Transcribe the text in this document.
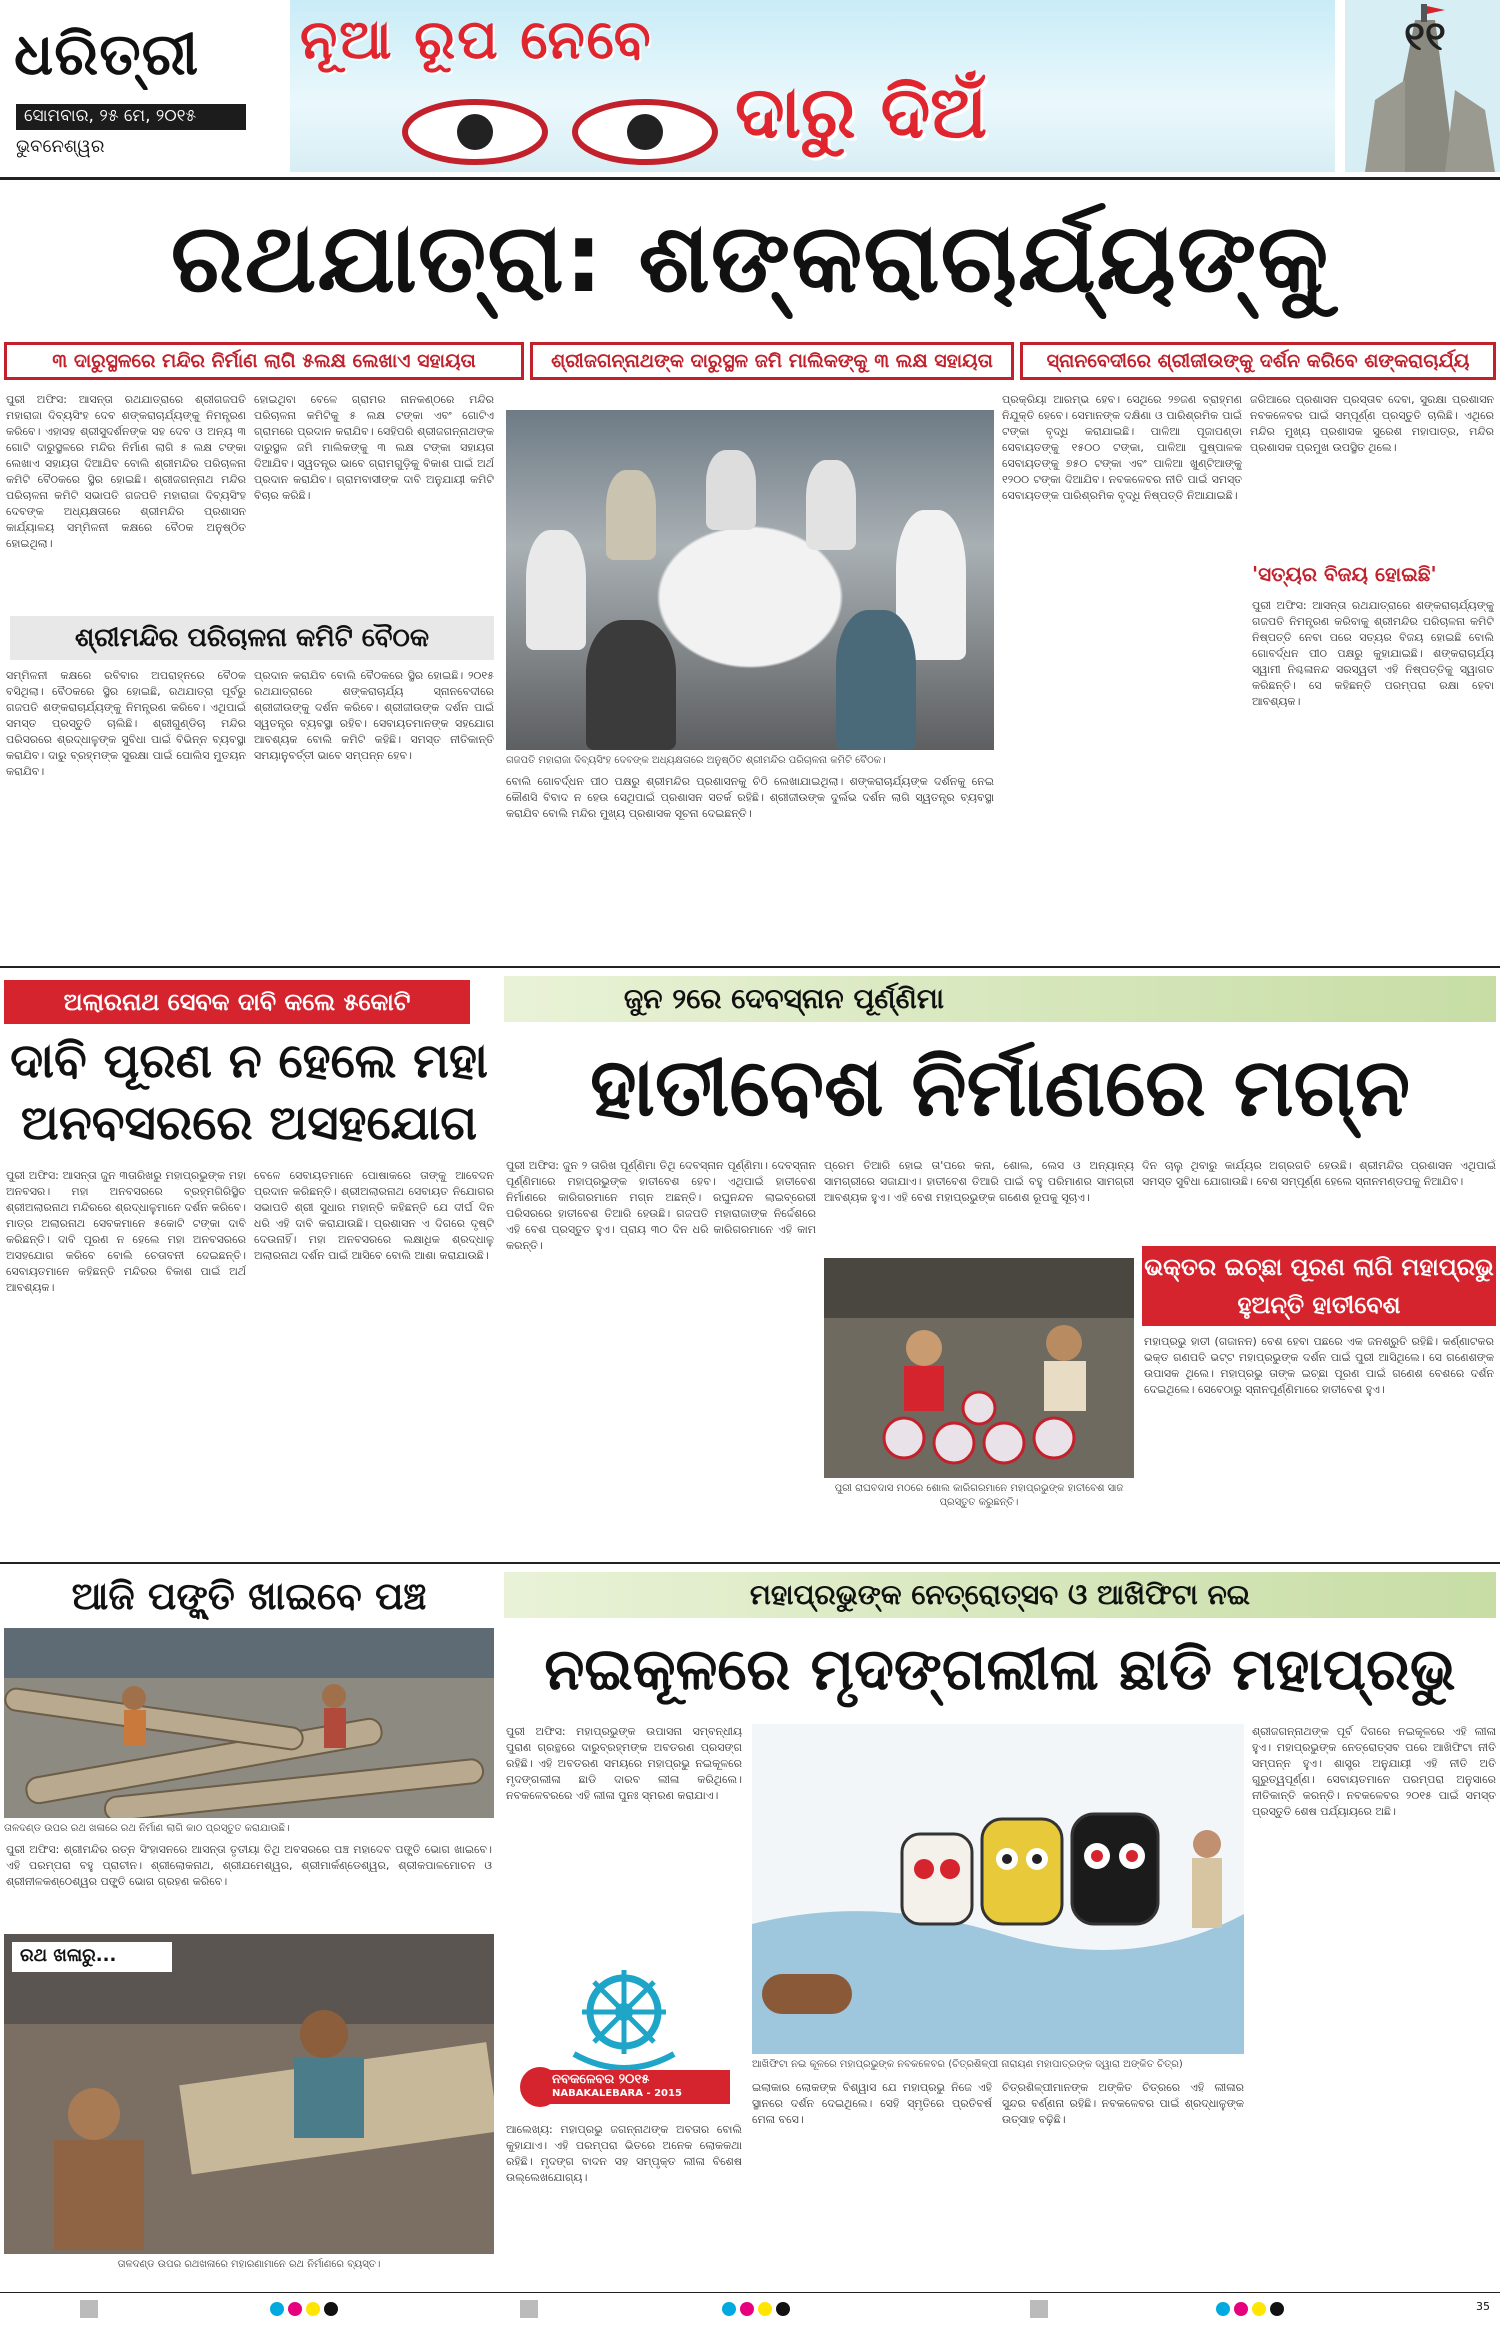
ଧରିତ୍ରୀ
ସୋମବାର, ୨୫ ମେ, ୨୦୧୫
ଭୁବନେଶ୍ୱର
ନୂଆ ରୂପ ନେବେ
ଦାରୁ ଦିଅଁ
୧୧
ରଥଯାତ୍ରା: ଶଙ୍କରାଚାର୍ଯ୍ୟଙ୍କୁ
୩ ଦାରୁସ୍ଥଳରେ ମନ୍ଦିର ନିର୍ମାଣ ଲାଗି ୫ଲକ୍ଷ ଲେଖାଏ ସହାୟତା	ଶ୍ରୀଜଗନ୍ନାଥଙ୍କ ଦାରୁସ୍ଥଳ ଜମି ମାଲିକଙ୍କୁ ୩ ଲକ୍ଷ ସହାୟତା	ସ୍ନାନବେଦୀରେ ଶ୍ରୀଜୀଉଙ୍କୁ ଦର୍ଶନ କରିବେ ଶଙ୍କରାଚାର୍ଯ୍ୟ
ପୁରୀ ଅଫିସ: ଆସନ୍ତା ରଥଯାତ୍ରାରେ ଶ୍ରୀଗଜପତି ମହାରାଜା ଦିବ୍ୟସିଂହ ଦେବ ଶଙ୍କରାଚାର୍ଯ୍ୟଙ୍କୁ ନିମନ୍ତ୍ରଣ କରିବେ। ଏହାସହ ଶ୍ରୀସୁଦର୍ଶନଙ୍କ ସହ ଦେବ ଓ ଅନ୍ୟ ୩ ଗୋଟି ଦାରୁସ୍ଥଳରେ ମନ୍ଦିର ନିର୍ମାଣ ଲାଗି ୫ ଲକ୍ଷ ଟଙ୍କା ଲେଖାଏ ସହାୟତା ଦିଆଯିବ ବୋଲି ଶ୍ରୀମନ୍ଦିର ପରିଚାଳନା କମିଟି ବୈଠକରେ ସ୍ଥିର ହୋଇଛି। ଶ୍ରୀଜଗନ୍ନାଥ ମନ୍ଦିର ପରିଚାଳନା କମିଟି ସଭାପତି ଗଜପତି ମହାରାଜା ଦିବ୍ୟସିଂହ ଦେବଙ୍କ ଅଧ୍ୟକ୍ଷତାରେ ଶ୍ରୀମନ୍ଦିର ପ୍ରଶାସନ କାର୍ଯ୍ୟାଳୟ ସମ୍ମିଳନୀ କକ୍ଷରେ ବୈଠକ ଅନୁଷ୍ଠିତ ହୋଇଥିଲା।
ହୋଇଥିବା ବେଳେ ଗ୍ରାମର ନାନକଣ୍ଠରେ ମନ୍ଦିର ପରିଚାଳନା କମିଟିକୁ ୫ ଲକ୍ଷ ଟଙ୍କା ଏବଂ ଗୋଟିଏ ଗ୍ରାମରେ ପ୍ରଦାନ କରାଯିବ। ସେହିପରି ଶ୍ରୀଜଗନ୍ନାଥଙ୍କ ଦାରୁସ୍ଥଳ ଜମି ମାଲିକଙ୍କୁ ୩ ଲକ୍ଷ ଟଙ୍କା ସହାୟତା ଦିଆଯିବ। ସ୍ୱତନ୍ତ୍ର ଭାବେ ଗ୍ରାମଗୁଡ଼ିକୁ ବିକାଶ ପାଇଁ ଅର୍ଥ ପ୍ରଦାନ କରାଯିବ। ଗ୍ରାମବାସୀଙ୍କ ଦାବି ଅନୁଯାୟୀ କମିଟି ବିଚାର କରିଛି।
ଶ୍ରୀମନ୍ଦିର ପରିଚାଳନା କମିଟି ବୈଠକ
ସମ୍ମିଳନୀ କକ୍ଷରେ ରବିବାର ଅପରାହ୍ନରେ ବୈଠକ ବସିଥିଲା। ବୈଠକରେ ସ୍ଥିର ହୋଇଛି, ରଥଯାତ୍ରା ପୂର୍ବରୁ ଗଜପତି ଶଙ୍କରାଚାର୍ଯ୍ୟଙ୍କୁ ନିମନ୍ତ୍ରଣ କରିବେ। ଏଥିପାଇଁ ସମସ୍ତ ପ୍ରସ୍ତୁତି ଚାଲିଛି। ଶ୍ରୀଗୁଣ୍ଡିଚା ମନ୍ଦିର ପରିସରରେ ଶ୍ରଦ୍ଧାଳୁଙ୍କ ସୁବିଧା ପାଇଁ ବିଭିନ୍ନ ବ୍ୟବସ୍ଥା କରାଯିବ। ଦାରୁ ବ୍ରହ୍ମଙ୍କ ସୁରକ୍ଷା ପାଇଁ ପୋଲିସ ମୁତୟନ କରାଯିବ।
ପ୍ରଦାନ କରାଯିବ ବୋଲି ବୈଠକରେ ସ୍ଥିର ହୋଇଛି। ୨୦୧୫ ରଥଯାତ୍ରାରେ ଶଙ୍କରାଚାର୍ଯ୍ୟ ସ୍ନାନବେଦୀରେ ଶ୍ରୀଜୀଉଙ୍କୁ ଦର୍ଶନ କରିବେ। ଶ୍ରୀଜୀଉଙ୍କ ଦର୍ଶନ ପାଇଁ ସ୍ୱତନ୍ତ୍ର ବ୍ୟବସ୍ଥା ରହିବ। ସେବାୟତମାନଙ୍କ ସହଯୋଗ ଆବଶ୍ୟକ ବୋଲି କମିଟି କହିଛି। ସମସ୍ତ ନୀତିକାନ୍ତି ସମୟାନୁବର୍ତ୍ତୀ ଭାବେ ସମ୍ପନ୍ନ ହେବ।	ଗଜପତି ମହାରାଜା ଦିବ୍ୟସିଂହ ଦେବଙ୍କ ଅଧ୍ୟକ୍ଷତାରେ ଅନୁଷ୍ଠିତ ଶ୍ରୀମନ୍ଦିର ପରିଚାଳନା କମିଟି ବୈଠକ।
ବୋଲି ଗୋବର୍ଦ୍ଧନ ପୀଠ ପକ୍ଷରୁ ଶ୍ରୀମନ୍ଦିର ପ୍ରଶାସନକୁ ଚିଠି ଲେଖାଯାଇଥିଲା। ଶଙ୍କରାଚାର୍ଯ୍ୟଙ୍କ ଦର୍ଶନକୁ ନେଇ କୌଣସି ବିବାଦ ନ ହେଉ ସେଥିପାଇଁ ପ୍ରଶାସନ ସତର୍କ ରହିଛି। ଶ୍ରୀଜୀଉଙ୍କ ଦୁର୍ଲଭ ଦର୍ଶନ ଲାଗି ସ୍ୱତନ୍ତ୍ର ବ୍ୟବସ୍ଥା କରାଯିବ ବୋଲି ମନ୍ଦିର ମୁଖ୍ୟ ପ୍ରଶାସକ ସୂଚନା ଦେଇଛନ୍ତି।
ପ୍ରକ୍ରିୟା ଆରମ୍ଭ ହେବ। ସେଥିରେ ୨୭ଜଣ ବ୍ରାହ୍ମଣ ନିଯୁକ୍ତି ହେବେ। ସେମାନଙ୍କ ଦକ୍ଷିଣା ଓ ପାରିଶ୍ରମିକ ପାଇଁ ଟଙ୍କା ବୃଦ୍ଧି କରାଯାଇଛି। ପାଳିଆ ପୂଜାପଣ୍ଡା ସେବାୟତଙ୍କୁ ୧୫୦୦ ଟଙ୍କା, ପାଳିଆ ପୁଷ୍ପାଳକ ସେବାୟତଙ୍କୁ ୭୫୦ ଟଙ୍କା ଏବଂ ପାଳିଆ ଖୁଣ୍ଟିଆଙ୍କୁ ୧୨୦୦ ଟଙ୍କା ଦିଆଯିବ। ନବକଳେବର ନୀତି ପାଇଁ ସମସ୍ତ ସେବାୟତଙ୍କ ପାରିଶ୍ରମିକ ବୃଦ୍ଧି ନିଷ୍ପତ୍ତି ନିଆଯାଇଛି।
ଜରିଆରେ ପ୍ରଶାସନ ପ୍ରସ୍ତାବ ଦେବା, ସୁରକ୍ଷା ପ୍ରଶାସନ ନବକଳେବର ପାଇଁ ସମ୍ପୂର୍ଣ୍ଣ ପ୍ରସ୍ତୁତି ଚାଲିଛି। ଏଥିରେ ମନ୍ଦିର ମୁଖ୍ୟ ପ୍ରଶାସକ ସୁରେଶ ମହାପାତ୍ର, ମନ୍ଦିର ପ୍ରଶାସକ ପ୍ରମୁଖ ଉପସ୍ଥିତ ଥିଲେ।
'ସତ୍ୟର ବିଜୟ ହୋଇଛି'
ପୁରୀ ଅଫିସ: ଆସନ୍ତା ରଥଯାତ୍ରାରେ ଶଙ୍କରାଚାର୍ଯ୍ୟଙ୍କୁ ଗଜପତି ନିମନ୍ତ୍ରଣ କରିବାକୁ ଶ୍ରୀମନ୍ଦିର ପରିଚାଳନା କମିଟି ନିଷ୍ପତ୍ତି ନେବା ପରେ ସତ୍ୟର ବିଜୟ ହୋଇଛି ବୋଲି ଗୋବର୍ଦ୍ଧନ ପୀଠ ପକ୍ଷରୁ କୁହାଯାଇଛି। ଶଙ୍କରାଚାର୍ଯ୍ୟ ସ୍ୱାମୀ ନିଶ୍ଚଳାନନ୍ଦ ସରସ୍ୱତୀ ଏହି ନିଷ୍ପତ୍ତିକୁ ସ୍ୱାଗତ କରିଛନ୍ତି। ସେ କହିଛନ୍ତି ପରମ୍ପରା ରକ୍ଷା ହେବା ଆବଶ୍ୟକ।
ଅଲାରନାଥ ସେବକ ଦାବି କଲେ ୫କୋଟି
ଦାବି ପୂରଣ ନ ହେଲେ ମହା ଅନବସରରେ ଅସହଯୋଗ
ପୁରୀ ଅଫିସ: ଆସନ୍ତା ଜୁନ ୩ତାରିଖରୁ ମହାପ୍ରଭୁଙ୍କ ମହା ଅନବସର। ମହା ଅନବସରରେ ବ୍ରହ୍ମଗିରିସ୍ଥିତ ଶ୍ରୀଅଲାରନାଥ ମନ୍ଦିରରେ ଶ୍ରଦ୍ଧାଳୁମାନେ ଦର୍ଶନ କରିବେ। ମାତ୍ର ଅଲାରନାଥ ସେବକମାନେ ୫କୋଟି ଟଙ୍କା ଦାବି କରିଛନ୍ତି। ଦାବି ପୂରଣ ନ ହେଲେ ମହା ଅନବସରରେ ଅସହଯୋଗ କରିବେ ବୋଲି ଚେତାବନୀ ଦେଇଛନ୍ତି। ସେବାୟତମାନେ କହିଛନ୍ତି ମନ୍ଦିରର ବିକାଶ ପାଇଁ ଅର୍ଥ ଆବଶ୍ୟକ।
ବେଳେ ସେବାୟତମାନେ ପୋଷାକରେ ତାଙ୍କୁ ଆବେଦନ ପ୍ରଦାନ କରିଛନ୍ତି। ଶ୍ରୀଅଲାରନାଥ ସେବାୟତ ନିଯୋଗର ସଭାପତି ଶ୍ରୀ ସୁଧାର ମହାନ୍ତି କହିଛନ୍ତି ଯେ ଦୀର୍ଘ ଦିନ ଧରି ଏହି ଦାବି କରାଯାଉଛି। ପ୍ରଶାସନ ଏ ଦିଗରେ ଦୃଷ୍ଟି ଦେଉନାହିଁ। ମହା ଅନବସରରେ ଲକ୍ଷାଧିକ ଶ୍ରଦ୍ଧାଳୁ ଅଲାରନାଥ ଦର୍ଶନ ପାଇଁ ଆସିବେ ବୋଲି ଆଶା କରାଯାଉଛି।
ଜୁନ ୨ରେ ଦେବସ୍ନାନ ପୂର୍ଣ୍ଣିମା
ହାତୀବେଶ ନିର୍ମାଣରେ ମଗ୍ନ
ପୁରୀ ଅଫିସ: ଜୁନ ୨ ତାରିଖ ପୂର୍ଣ୍ଣିମା ତିଥି ଦେବସ୍ନାନ ପୂର୍ଣ୍ଣିମା। ଦେବସ୍ନାନ ପୂର୍ଣ୍ଣିମାରେ ମହାପ୍ରଭୁଙ୍କ ହାତୀବେଶ ହେବ। ଏଥିପାଇଁ ହାତୀବେଶ ନିର୍ମାଣରେ କାରିଗରମାନେ ମଗ୍ନ ଅଛନ୍ତି। ରଘୁନନ୍ଦନ ଲାଇବ୍ରେରୀ ପରିସରରେ ହାତୀବେଶ ତିଆରି ହେଉଛି। ଗଜପତି ମହାରାଜାଙ୍କ ନିର୍ଦ୍ଦେଶରେ ଏହି ବେଶ ପ୍ରସ୍ତୁତ ହୁଏ। ପ୍ରାୟ ୩୦ ଦିନ ଧରି କାରିଗରମାନେ ଏହି କାମ କରନ୍ତି।
ପ୍ରେମ ତିଆରି ହୋଇ ତା'ପରେ କନା, ଶୋଲ, ଲେସ ଓ ଅନ୍ୟାନ୍ୟ ସାମଗ୍ରୀରେ ସଜାଯାଏ। ହାତୀବେଶ ତିଆରି ପାଇଁ ବହୁ ପରିମାଣର ସାମଗ୍ରୀ ଆବଶ୍ୟକ ହୁଏ। ଏହି ବେଶ ମହାପ୍ରଭୁଙ୍କ ଗଣେଶ ରୂପକୁ ସୂଚାଏ।
ଦିନ ଚାଲୁ ଥିବାରୁ କାର୍ଯ୍ୟର ଅଗ୍ରଗତି ହେଉଛି। ଶ୍ରୀମନ୍ଦିର ପ୍ରଶାସନ ଏଥିପାଇଁ ସମସ୍ତ ସୁବିଧା ଯୋଗାଉଛି। ବେଶ ସମ୍ପୂର୍ଣ୍ଣ ହେଲେ ସ୍ନାନମଣ୍ଡପକୁ ନିଆଯିବ।
ପୁରୀ ରାଘବଦାସ ମଠରେ ଶୋଲ କାରିଗରମାନେ ମହାପ୍ରଭୁଙ୍କ ହାତୀବେଶ ସାଜ ପ୍ରସ୍ତୁତ କରୁଛନ୍ତି।
ଭକ୍ତର ଇଚ୍ଛା ପୂରଣ ଲାଗି ମହାପ୍ରଭୁ ହୁଅନ୍ତି ହାତୀବେଶ
ମହାପ୍ରଭୁ ହାତୀ (ଗଜାନନ) ବେଶ ହେବା ପଛରେ ଏକ ଜନଶ୍ରୁତି ରହିଛି। କର୍ଣ୍ଣାଟକର ଭକ୍ତ ଗଣପତି ଭଟ୍ଟ ମହାପ୍ରଭୁଙ୍କ ଦର୍ଶନ ପାଇଁ ପୁରୀ ଆସିଥିଲେ। ସେ ଗଣେଶଙ୍କ ଉପାସକ ଥିଲେ। ମହାପ୍ରଭୁ ତାଙ୍କ ଇଚ୍ଛା ପୂରଣ ପାଇଁ ଗଣେଶ ବେଶରେ ଦର୍ଶନ ଦେଇଥିଲେ। ସେବେଠାରୁ ସ୍ନାନପୂର୍ଣ୍ଣିମାରେ ହାତୀବେଶ ହୁଏ।
ଆଜି ପଙ୍କ୍ତି ଖାଇବେ ପଞ୍ଚ
ତାଳଦଣ୍ଡ ଉପର ରଥ ଖଳାରେ ରଥ ନିର୍ମାଣ ଲାଗି କାଠ ପ୍ରସ୍ତୁତ କରାଯାଉଛି।
ପୁରୀ ଅଫିସ: ଶ୍ରୀମନ୍ଦିର ରତ୍ନ ସିଂହାସନରେ ଆସନ୍ତା ତୃତୀୟା ତିଥି ଅବସରରେ ପଞ୍ଚ ମହାଦେବ ପଙ୍କ୍ତି ଭୋଗ ଖାଇବେ। ଏହି ପରମ୍ପରା ବହୁ ପ୍ରାଚୀନ। ଶ୍ରୀଲୋକନାଥ, ଶ୍ରୀଯମେଶ୍ୱର, ଶ୍ରୀମାର୍କଣ୍ଡେଶ୍ୱର, ଶ୍ରୀକପାଳମୋଚନ ଓ ଶ୍ରୀନୀଳକଣ୍ଠେଶ୍ୱର ପଙ୍କ୍ତି ଭୋଗ ଗ୍ରହଣ କରିବେ।
ରଥ ଖଳାରୁ...
ତାଳଦଣ୍ଡ ଉପର ରଥଖଳାରେ ମହାରଣାମାନେ ରଥ ନିର୍ମାଣରେ ବ୍ୟସ୍ତ।
ମହାପ୍ରଭୁଙ୍କ ନେତ୍ରୋତ୍ସବ ଓ ଆଖିଫିଟା ନଇ
ନଇକୂଳରେ ମୃଦଙ୍ଗଲୀଳା ଛାଡି ମହାପ୍ରଭୁ
ପୁରୀ ଅଫିସ: ମହାପ୍ରଭୁଙ୍କ ଉପାସନା ସମ୍ବନ୍ଧୀୟ ପୁରାଣ ଗ୍ରନ୍ଥରେ ଦାରୁବ୍ରହ୍ମଙ୍କ ଅବତରଣ ପ୍ରସଙ୍ଗ ରହିଛି। ଏହି ଅବତରଣ ସମୟରେ ମହାପ୍ରଭୁ ନଇକୂଳରେ ମୃଦଙ୍ଗଲୀଳା ଛାଡି ଦାରବ ଲୀଳା କରିଥିଲେ। ନବକଳେବରରେ ଏହି ଲୀଳା ପୁନଃ ସ୍ମରଣ କରାଯାଏ।
ନବକଳେବର ୨୦୧୫
NABAKALEBARA - 2015
ଆଖିଫିଟା ନଇ କୂଳରେ ମହାପ୍ରଭୁଙ୍କ ନବକଳେବର (ଚିତ୍ରଶିଳ୍ପୀ ନାରାୟଣ ମହାପାତ୍ରଙ୍କ ଦ୍ୱାରା ଅଙ୍କିତ ଚିତ୍ର)
ଶ୍ରୀଜଗନ୍ନାଥଙ୍କ ପୂର୍ବ ଦିଗରେ ନଇକୂଳରେ ଏହି ଲୀଳା ହୁଏ। ମହାପ୍ରଭୁଙ୍କ ନେତ୍ରୋତ୍ସବ ପରେ ଆଖିଫିଟା ନୀତି ସମ୍ପନ୍ନ ହୁଏ। ଶାସ୍ତ୍ର ଅନୁଯାୟୀ ଏହି ନୀତି ଅତି ଗୁରୁତ୍ୱପୂର୍ଣ୍ଣ। ସେବାୟତମାନେ ପରମ୍ପରା ଅନୁସାରେ ନୀତିକାନ୍ତି କରନ୍ତି। ନବକଳେବର ୨୦୧୫ ପାଇଁ ସମସ୍ତ ପ୍ରସ୍ତୁତି ଶେଷ ପର୍ଯ୍ୟାୟରେ ଅଛି।
ଆଲେଖ୍ୟ: ମହାପ୍ରଭୁ ଜଗନ୍ନାଥଙ୍କ ଅବତାର ବୋଲି କୁହାଯାଏ। ଏହି ପରମ୍ପରା ଭିତରେ ଅନେକ ଲୋକକଥା ରହିଛି। ମୃଦଙ୍ଗ ବାଦନ ସହ ସମ୍ପୃକ୍ତ ଲୀଳା ବିଶେଷ ଉଲ୍ଲେଖଯୋଗ୍ୟ।
ଇଲାକାର ଲୋକଙ୍କ ବିଶ୍ୱାସ ଯେ ମହାପ୍ରଭୁ ନିଜେ ଏହି ସ୍ଥାନରେ ଦର୍ଶନ ଦେଇଥିଲେ। ସେହି ସ୍ମୃତିରେ ପ୍ରତିବର୍ଷ ମେଳା ବସେ।
ଚିତ୍ରଶିଳ୍ପୀମାନଙ୍କ ଅଙ୍କିତ ଚିତ୍ରରେ ଏହି ଲୀଳାର ସୁନ୍ଦର ବର୍ଣ୍ଣନା ରହିଛି। ନବକଳେବର ପାଇଁ ଶ୍ରଦ୍ଧାଳୁଙ୍କ ଉତ୍ସାହ ବଢ଼ିଛି।
35
